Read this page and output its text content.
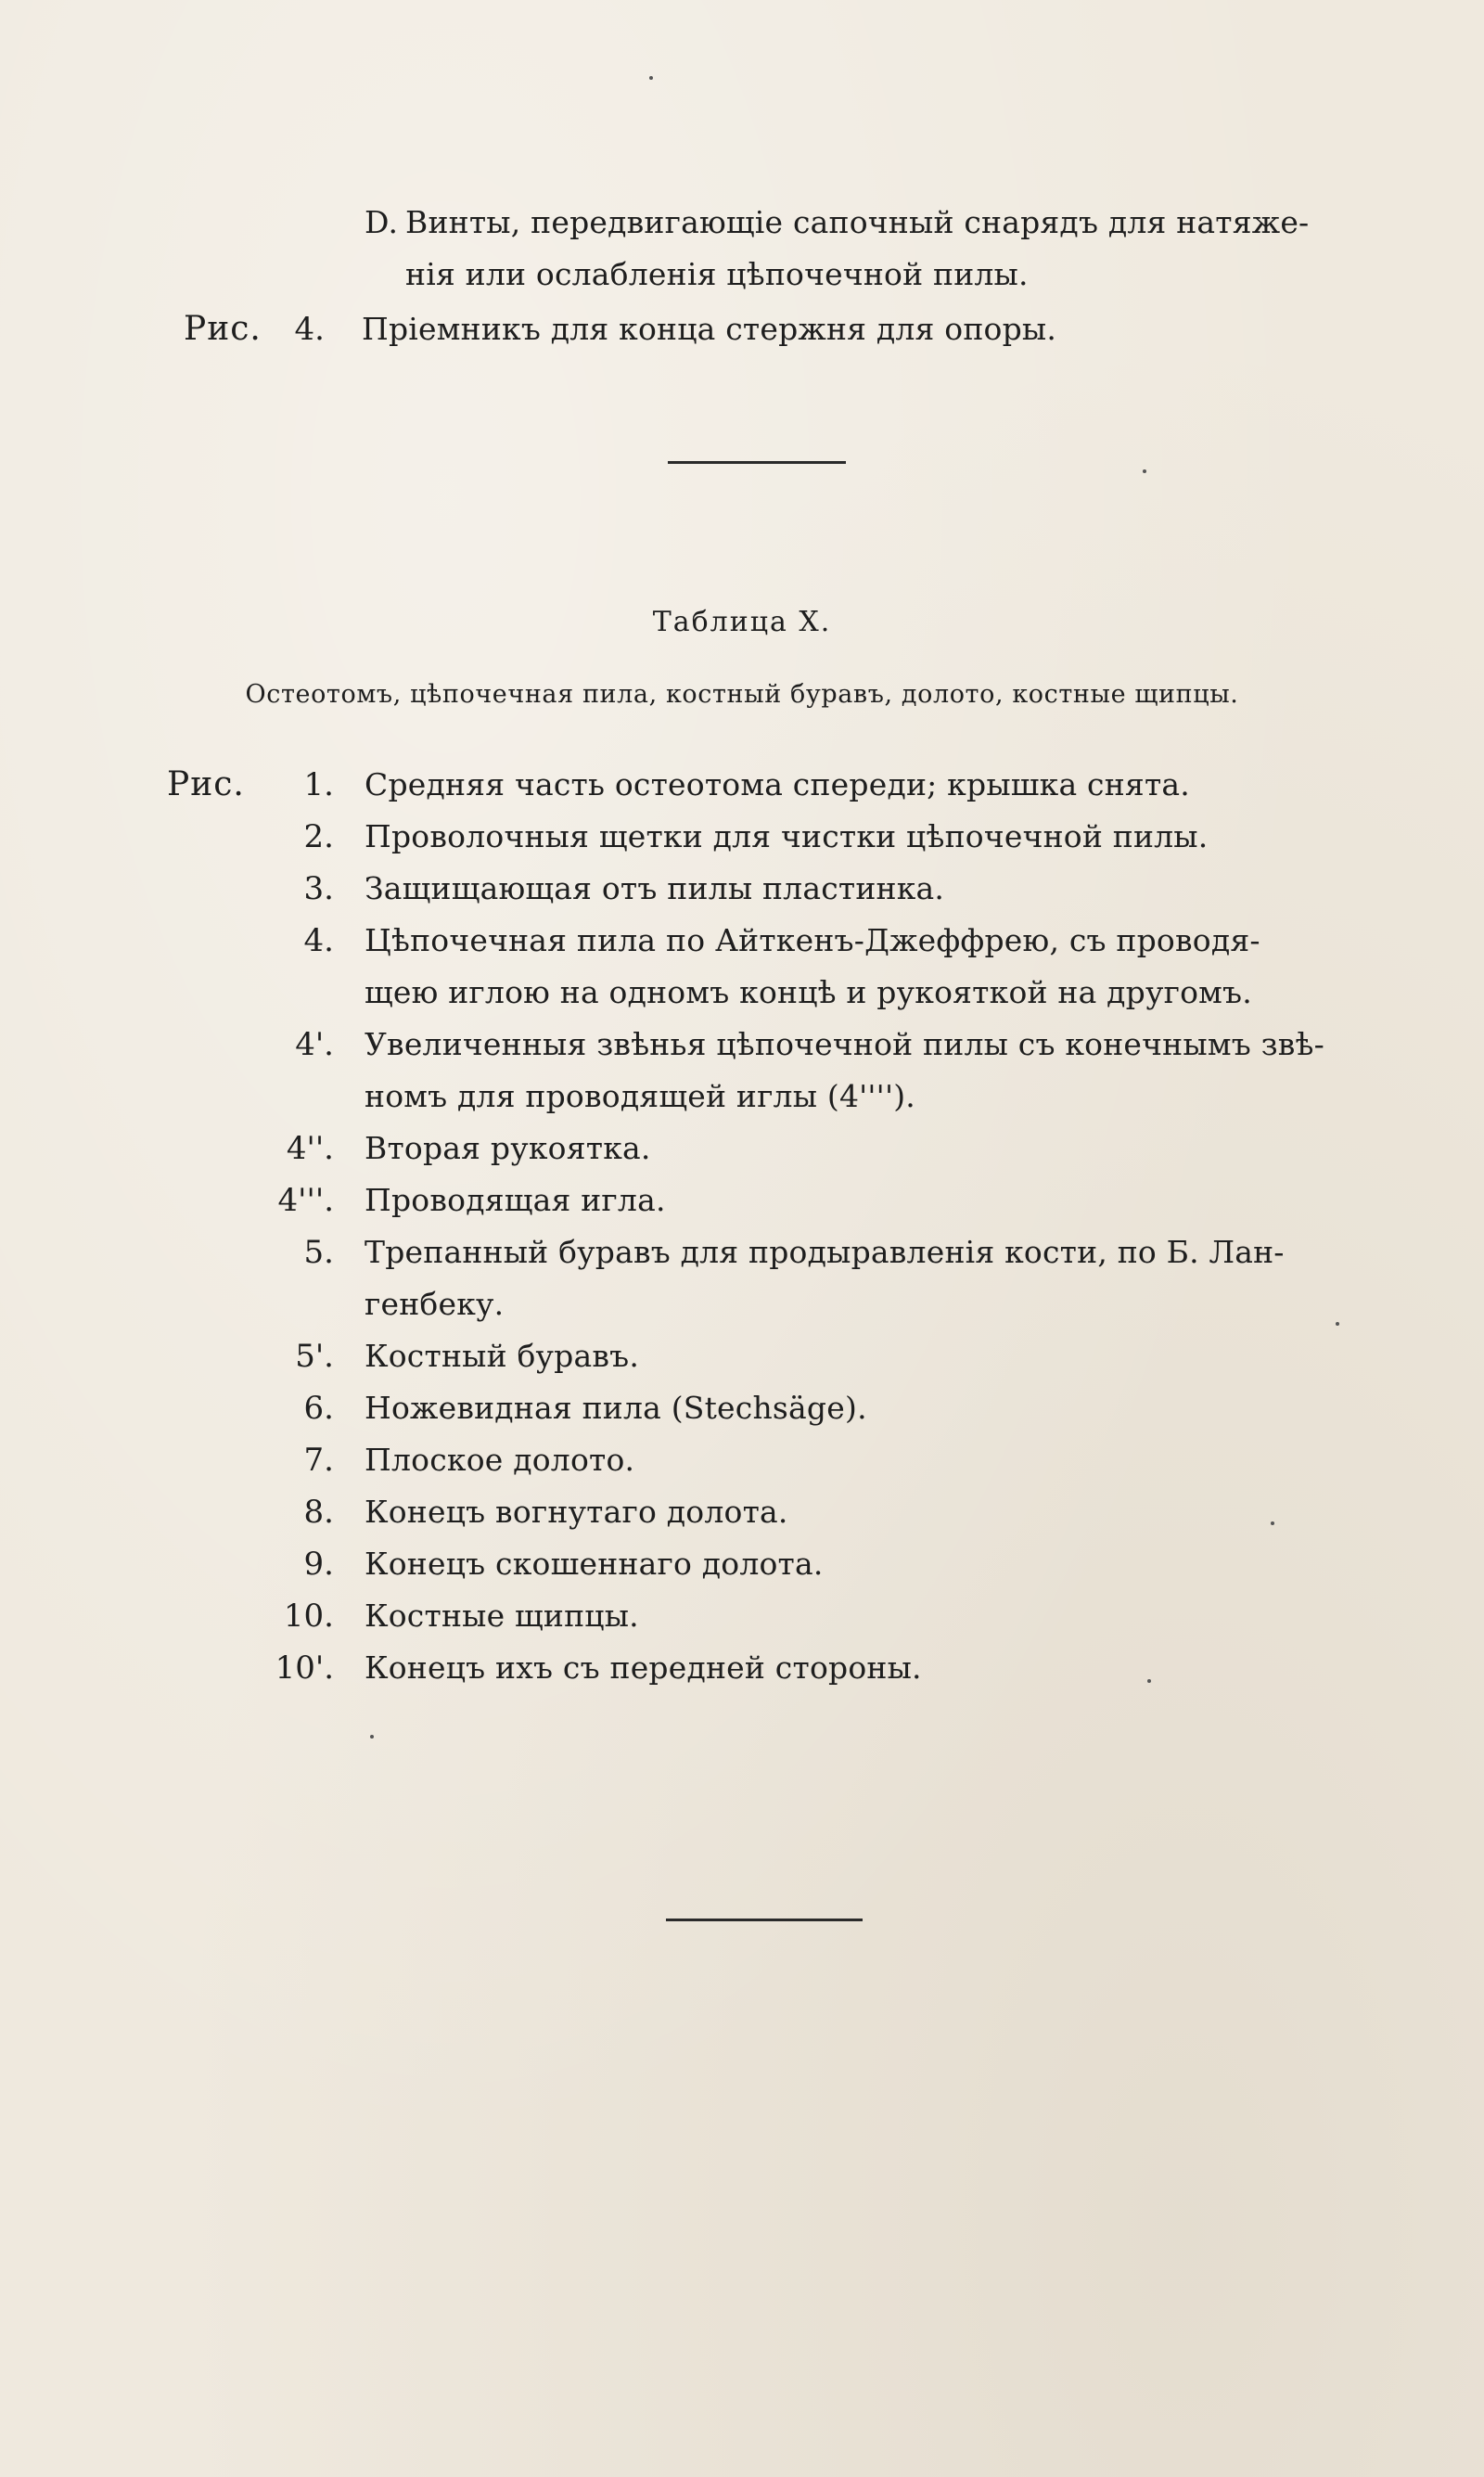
D. Винты, передвигающіе сапочный снарядъ для натяже-
нія или ослабленія цѣпочечной пилы.
Рис.	4. Пріемникъ для конца стержня для опоры.
Таблица X.
Остеотомъ, цѣпочечная пила, костный буравъ, долото, костные щипцы.
Рис.	1. Средняя часть остеотома спереди; крышка снята.
2. Проволочныя щетки для чистки цѣпочечной пилы.
3. Защищающая отъ пилы пластинка.
4. Цѣпочечная пила по Айткенъ-Джеффрею, съ проводя-
щею иглою на одномъ концѣ и рукояткой на другомъ.
4'. Увеличенныя звѣнья цѣпочечной пилы съ конечнымъ звѣ-
номъ для проводящей иглы (4'''').
4''. Вторая рукоятка.
4'''. Проводящая игла.
5. Трепанный буравъ для продыравленія кости, по Б. Лан-
генбеку.
5'. Костный буравъ.
6. Ножевидная пила (Stechsäge).
7. Плоское долото.
8. Конецъ вогнутаго долота.
9. Конецъ скошеннаго долота.
10. Костные щипцы.
10'. Конецъ ихъ съ передней стороны.
